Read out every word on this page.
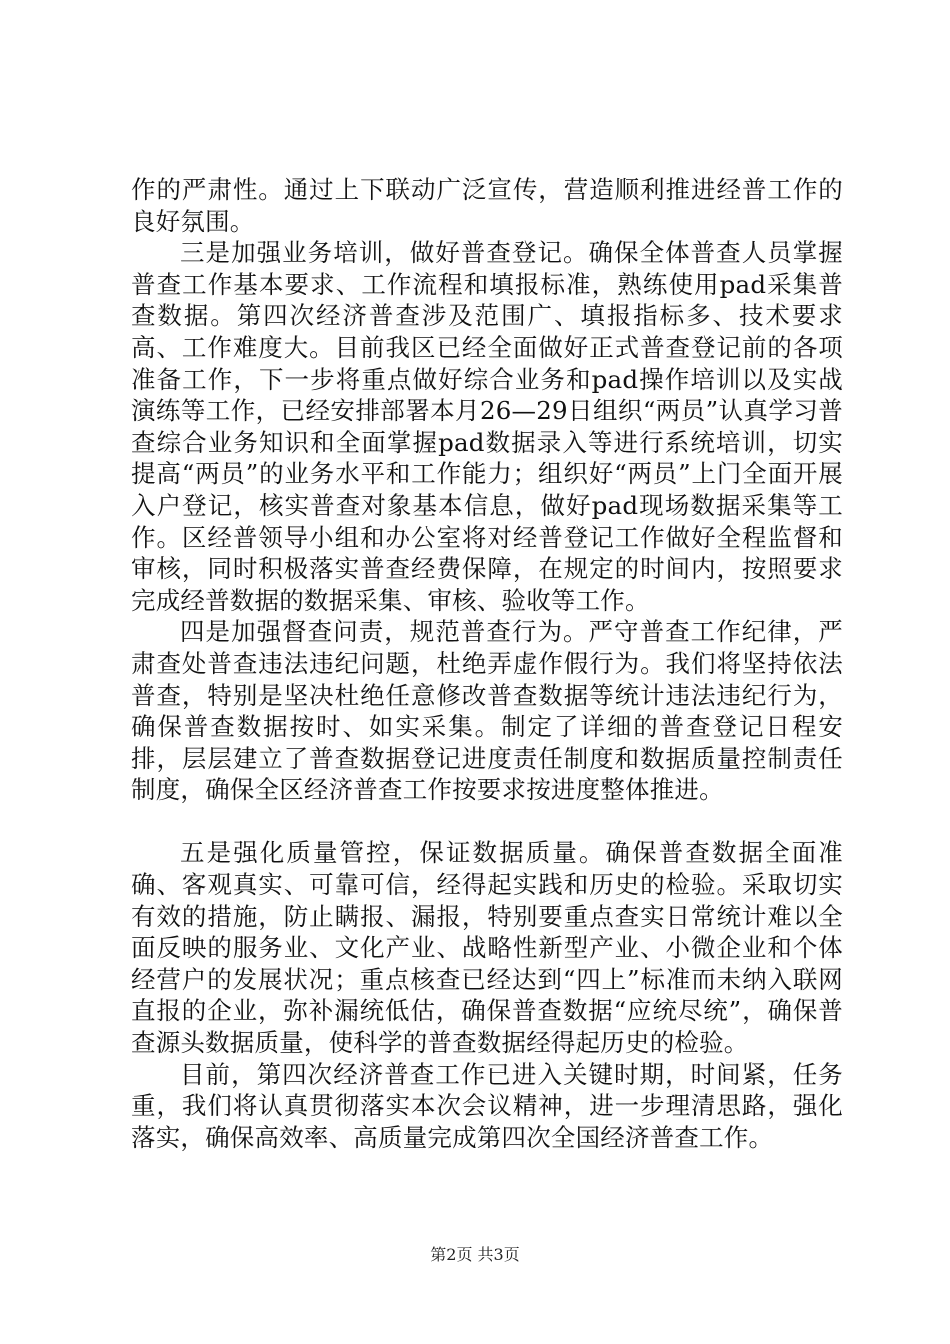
作的严肃性。通过上下联动广泛宣传，营造顺利推进经普工作的良好氛围。

三是加强业务培训，做好普查登记。确保全体普查人员掌握普查工作基本要求、工作流程和填报标准，熟练使用pad采集普查数据。第四次经济普查涉及范围广、填报指标多、技术要求高、工作难度大。目前我区已经全面做好正式普查登记前的各项准备工作，下一步将重点做好综合业务和pad操作培训以及实战演练等工作，已经安排部署本月26—29日组织“两员”认真学习普查综合业务知识和全面掌握pad数据录入等进行系统培训，切实提高“两员”的业务水平和工作能力；组织好“两员”上门全面开展入户登记，核实普查对象基本信息，做好pad现场数据采集等工作。区经普领导小组和办公室将对经普登记工作做好全程监督和审核，同时积极落实普查经费保障，在规定的时间内，按照要求完成经普数据的数据采集、审核、验收等工作。

四是加强督查问责，规范普查行为。严守普查工作纪律，严肃查处普查违法违纪问题，杜绝弄虚作假行为。我们将坚持依法普查，特别是坚决杜绝任意修改普查数据等统计违法违纪行为，确保普查数据按时、如实采集。制定了详细的普查登记日程安排，层层建立了普查数据登记进度责任制度和数据质量控制责任制度，确保全区经济普查工作按要求按进度整体推进。

五是强化质量管控，保证数据质量。确保普查数据全面准确、客观真实、可靠可信，经得起实践和历史的检验。采取切实有效的措施，防止瞒报、漏报，特别要重点查实日常统计难以全面反映的服务业、文化产业、战略性新型产业、小微企业和个体经营户的发展状况；重点核查已经达到“四上”标准而未纳入联网直报的企业，弥补漏统低估，确保普查数据“应统尽统”，确保普查源头数据质量，使科学的普查数据经得起历史的检验。

目前，第四次经济普查工作已进入关键时期，时间紧，任务重，我们将认真贯彻落实本次会议精神，进一步理清思路，强化落实，确保高效率、高质量完成第四次全国经济普查工作。

第2页 共3页
